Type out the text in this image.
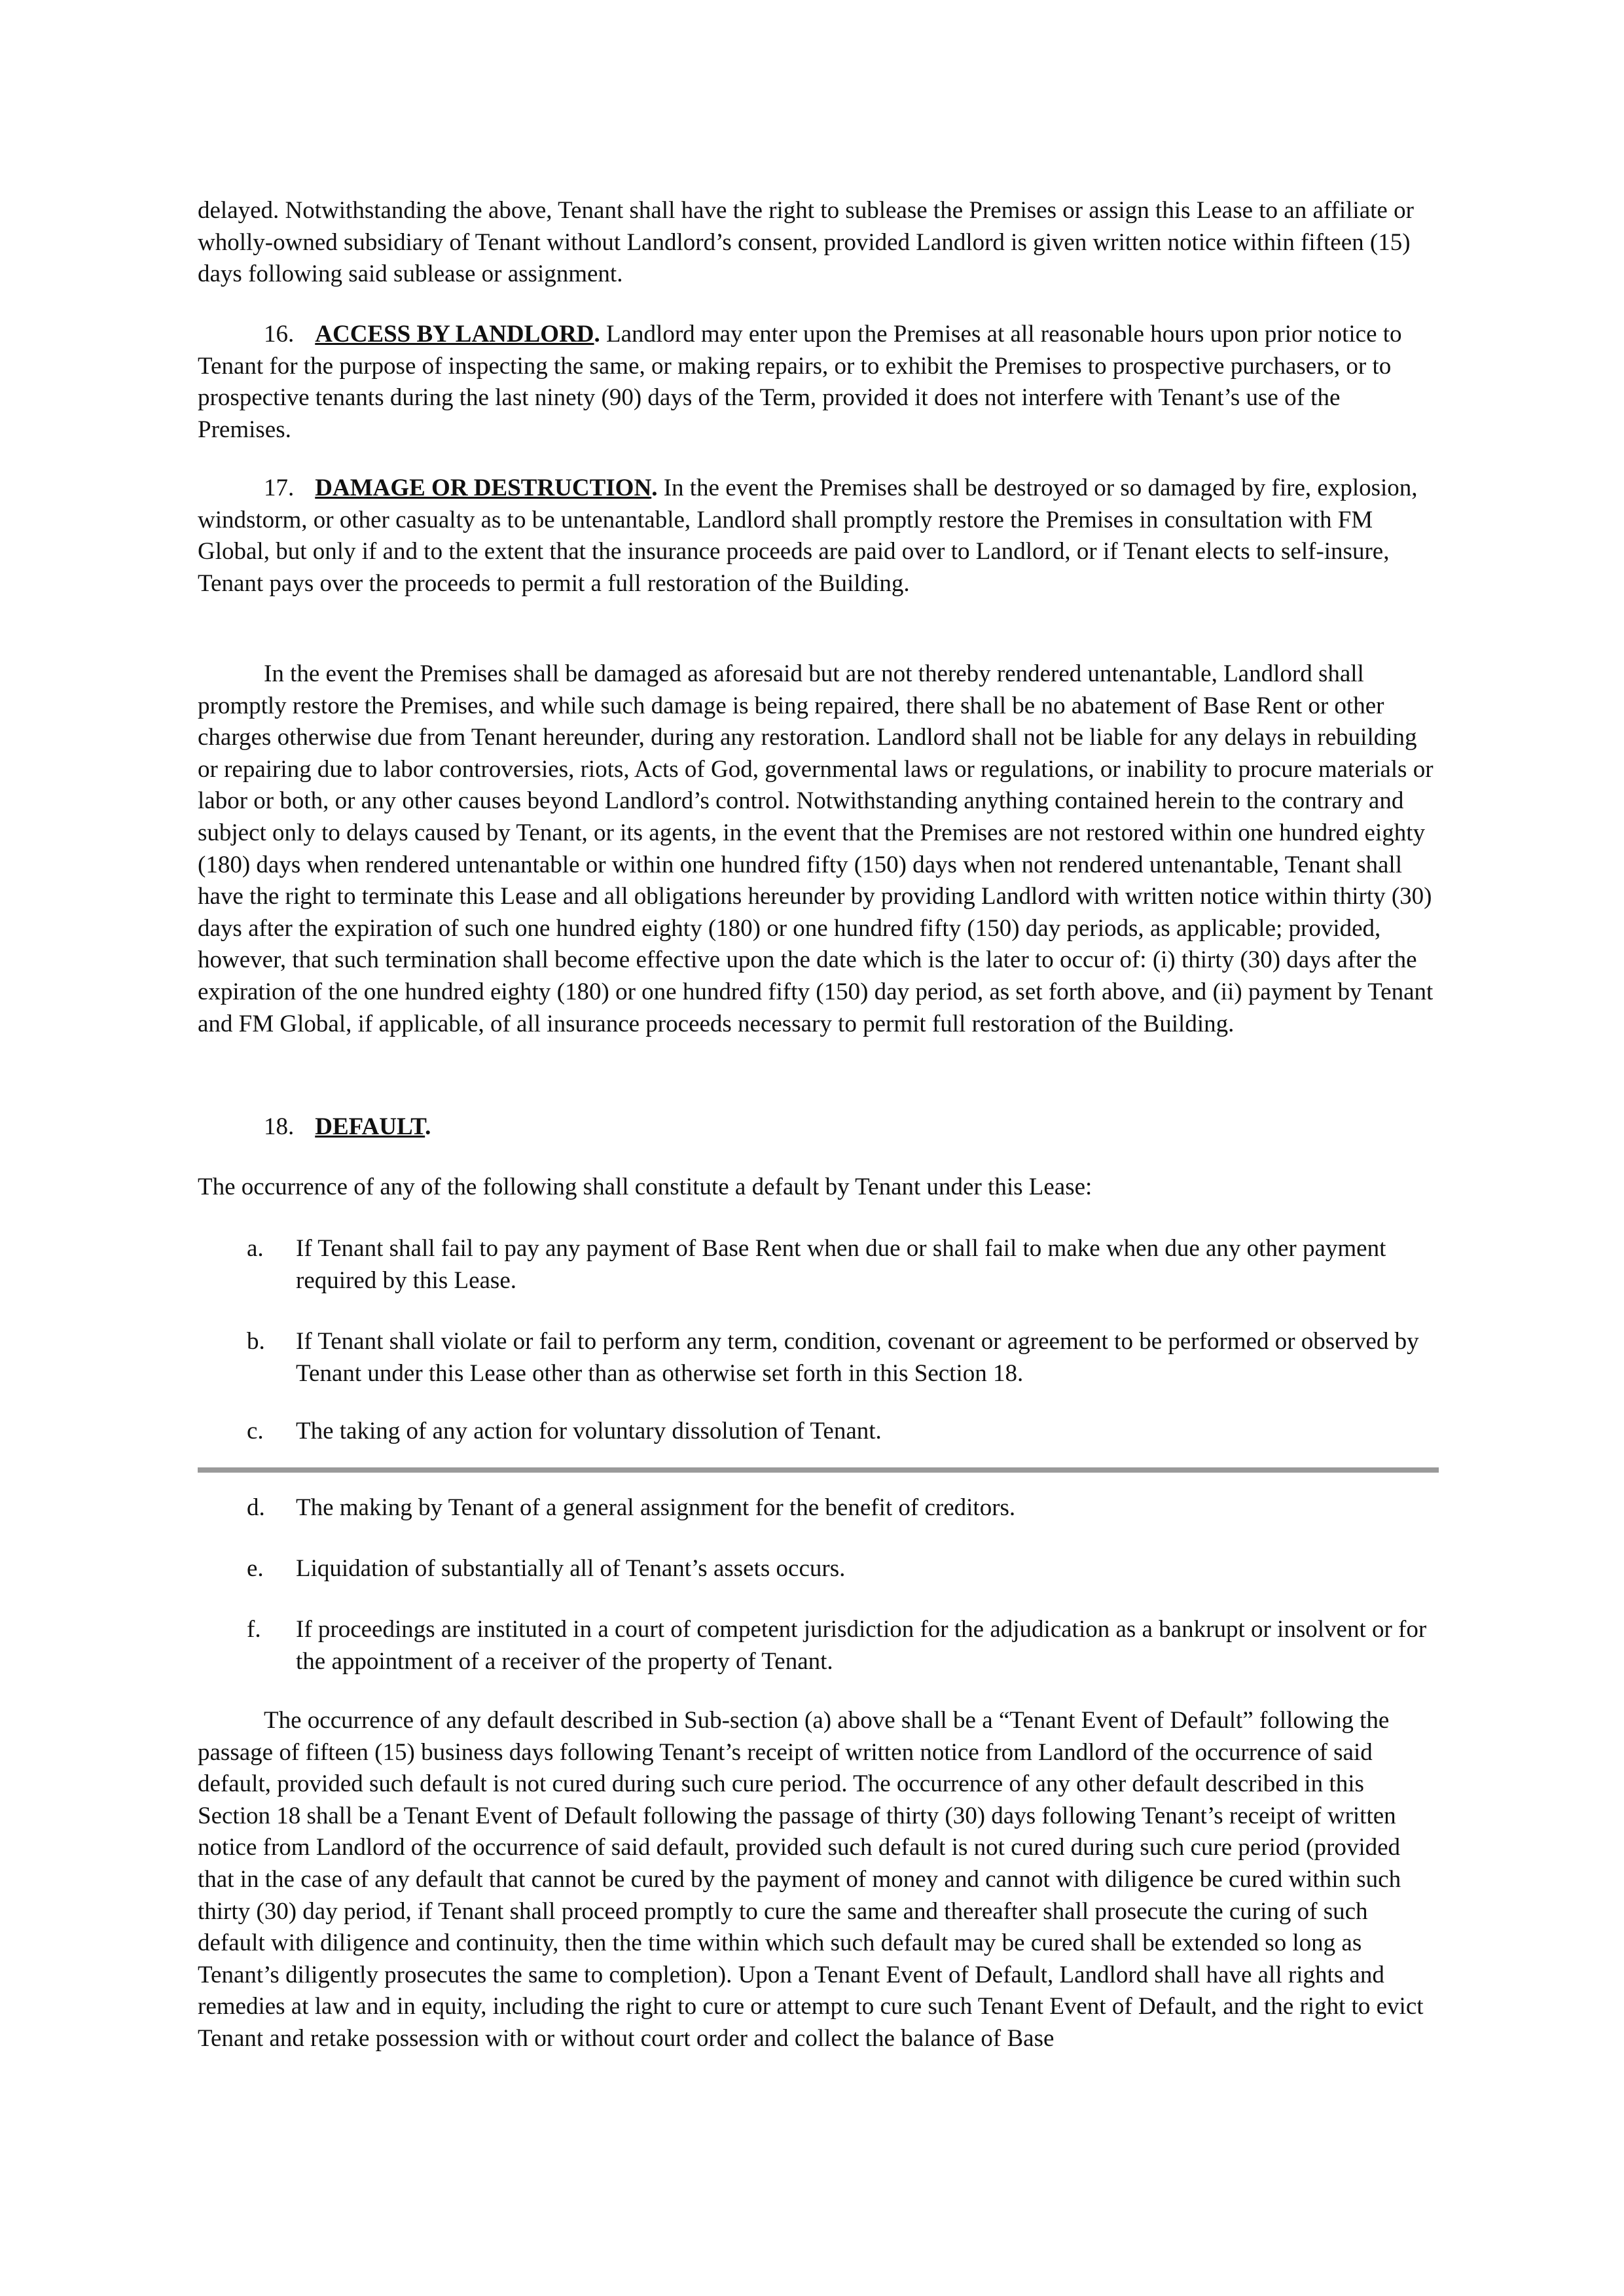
delayed. Notwithstanding the above, Tenant shall have the right to sublease the Premises or assign this Lease to an affiliate or wholly-owned subsidiary of Tenant without Landlord’s consent, provided Landlord is given written notice within fifteen (15) days following said sublease or assignment.

16. ACCESS BY LANDLORD. Landlord may enter upon the Premises at all reasonable hours upon prior notice to Tenant for the purpose of inspecting the same, or making repairs, or to exhibit the Premises to prospective purchasers, or to prospective tenants during the last ninety (90) days of the Term, provided it does not interfere with Tenant’s use of the Premises.

17. DAMAGE OR DESTRUCTION. In the event the Premises shall be destroyed or so damaged by fire, explosion, windstorm, or other casualty as to be untenantable, Landlord shall promptly restore the Premises in consultation with FM Global, but only if and to the extent that the insurance proceeds are paid over to Landlord, or if Tenant elects to self-insure, Tenant pays over the proceeds to permit a full restoration of the Building.

In the event the Premises shall be damaged as aforesaid but are not thereby rendered untenantable, Landlord shall promptly restore the Premises, and while such damage is being repaired, there shall be no abatement of Base Rent or other charges otherwise due from Tenant hereunder, during any restoration. Landlord shall not be liable for any delays in rebuilding or repairing due to labor controversies, riots, Acts of God, governmental laws or regulations, or inability to procure materials or labor or both, or any other causes beyond Landlord’s control. Notwithstanding anything contained herein to the contrary and subject only to delays caused by Tenant, or its agents, in the event that the Premises are not restored within one hundred eighty (180) days when rendered untenantable or within one hundred fifty (150) days when not rendered untenantable, Tenant shall have the right to terminate this Lease and all obligations hereunder by providing Landlord with written notice within thirty (30) days after the expiration of such one hundred eighty (180) or one hundred fifty (150) day periods, as applicable; provided, however, that such termination shall become effective upon the date which is the later to occur of: (i) thirty (30) days after the expiration of the one hundred eighty (180) or one hundred fifty (150) day period, as set forth above, and (ii) payment by Tenant and FM Global, if applicable, of all insurance proceeds necessary to permit full restoration of the Building.

18. DEFAULT.

The occurrence of any of the following shall constitute a default by Tenant under this Lease:

a. If Tenant shall fail to pay any payment of Base Rent when due or shall fail to make when due any other payment required by this Lease.
b. If Tenant shall violate or fail to perform any term, condition, covenant or agreement to be performed or observed by Tenant under this Lease other than as otherwise set forth in this Section 18.
c. The taking of any action for voluntary dissolution of Tenant.
d. The making by Tenant of a general assignment for the benefit of creditors.
e. Liquidation of substantially all of Tenant’s assets occurs.
f. If proceedings are instituted in a court of competent jurisdiction for the adjudication as a bankrupt or insolvent or for the appointment of a receiver of the property of Tenant.

The occurrence of any default described in Sub-section (a) above shall be a “Tenant Event of Default” following the passage of fifteen (15) business days following Tenant’s receipt of written notice from Landlord of the occurrence of said default, provided such default is not cured during such cure period. The occurrence of any other default described in this Section 18 shall be a Tenant Event of Default following the passage of thirty (30) days following Tenant’s receipt of written notice from Landlord of the occurrence of said default, provided such default is not cured during such cure period (provided that in the case of any default that cannot be cured by the payment of money and cannot with diligence be cured within such thirty (30) day period, if Tenant shall proceed promptly to cure the same and thereafter shall prosecute the curing of such default with diligence and continuity, then the time within which such default may be cured shall be extended so long as Tenant’s diligently prosecutes the same to completion). Upon a Tenant Event of Default, Landlord shall have all rights and remedies at law and in equity, including the right to cure or attempt to cure such Tenant Event of Default, and the right to evict Tenant and retake possession with or without court order and collect the balance of Base
